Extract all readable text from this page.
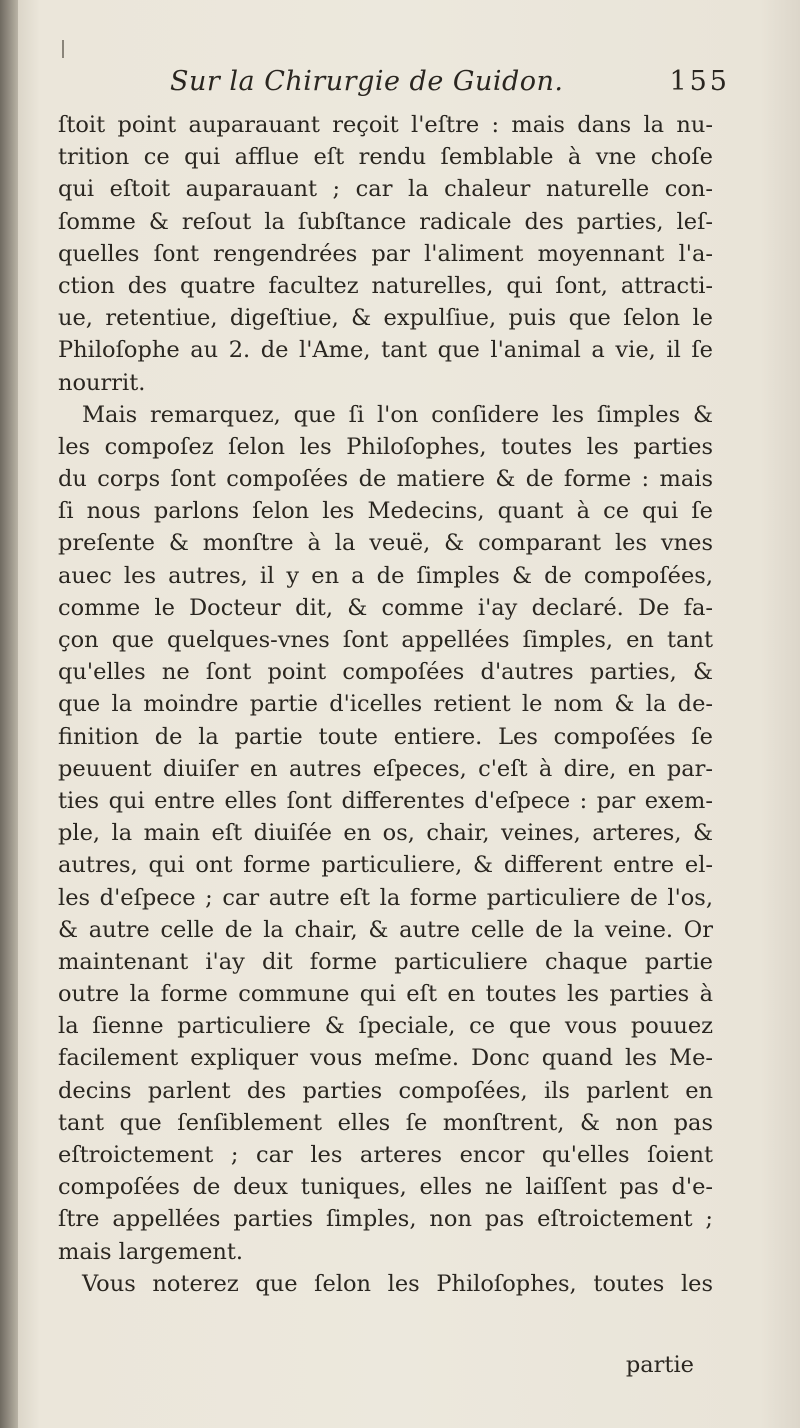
Sur la Chirurgie de Guidon.	155
ſtoit point auparauant reçoit l'eſtre : mais dans la nu-
trition ce qui afflue eſt rendu ſemblable à vne choſe
qui eſtoit auparauant ; car la chaleur naturelle con-
ſomme & reſout la ſubſtance radicale des parties, leſ-
quelles ſont rengendrées par l'aliment moyennant l'a-
ction des quatre facultez naturelles, qui ſont, attracti-
ue, retentiue, digeſtiue, & expulſiue, puis que ſelon le
Philoſophe au 2. de l'Ame, tant que l'animal a vie, il ſe
nourrit.
Mais remarquez, que ſi l'on conſidere les ſimples &
les compoſez ſelon les Philoſophes, toutes les parties
du corps ſont compoſées de matiere & de forme : mais
ſi nous parlons ſelon les Medecins, quant à ce qui ſe
preſente & monſtre à la veuë, & comparant les vnes
auec les autres, il y en a de ſimples & de compoſées,
comme le Docteur dit, & comme i'ay declaré. De fa-
çon que quelques-vnes ſont appellées ſimples, en tant
qu'elles ne ſont point compoſées d'autres parties, &
que la moindre partie d'icelles retient le nom & la de-
finition de la partie toute entiere. Les compoſées ſe
peuuent diuiſer en autres eſpeces, c'eſt à dire, en par-
ties qui entre elles ſont differentes d'eſpece : par exem-
ple, la main eſt diuiſée en os, chair, veines, arteres, &
autres, qui ont forme particuliere, & different entre el-
les d'eſpece ; car autre eſt la forme particuliere de l'os,
& autre celle de la chair, & autre celle de la veine. Or
maintenant i'ay dit forme particuliere chaque partie
outre la forme commune qui eſt en toutes les parties à
la ſienne particuliere & ſpeciale, ce que vous pouuez
facilement expliquer vous meſme. Donc quand les Me-
decins parlent des parties compoſées, ils parlent en
tant que ſenſiblement elles ſe monſtrent, & non pas
eſtroictement ; car les arteres encor qu'elles ſoient
compoſées de deux tuniques, elles ne laiſſent pas d'e-
ſtre appellées parties ſimples, non pas eſtroictement ;
mais largement.
Vous noterez que ſelon les Philoſophes, toutes les
partie
